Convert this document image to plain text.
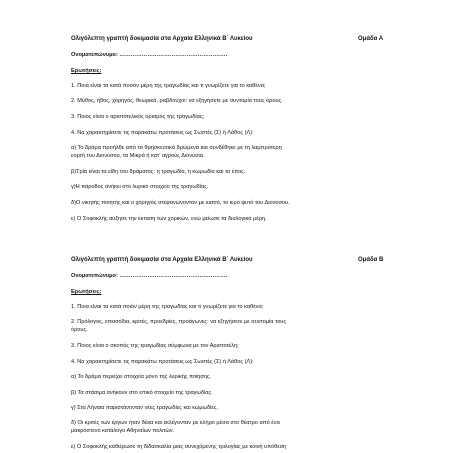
Ολιγόλεπτη γραπτή δοκιμασία στα Αρχαία Ελληνικά Β΄ Λυκείου	Ομάδα Α
Ονοματεπώνυμο: ………………………………………………….
Ερωτήσεις:
1. Ποια είναι τα κατά ποσόν μέρη της τραγωδίας και τι γνωρίζετε για το καθένα;
2. Μύθος, ήθος, χορηγός, θεωρικά, ραβδούχοι: να εξηγήσετε με συντομία τους όρους.
3. Ποιος είναι ο αριστοτελικός ορισμός της τραγωδίας;
4. Να χαρακτηρίσετε τις παρακάτω προτάσεις ως Σωστές (Σ) ή Λάθος (Λ):
α) Το δράμα προήλθε από τα θρησκευτικά δρώμενα και συνδέθηκε με τη λαμπρότερη
εορτή του Διονύσου, τα Μικρά ή κατ’ αγρούς Διονύσια.
β)Τρία είναι τα είδη του δράματος: η τραγωδία, η κωμωδία και το έπος.
γ)Η πάροδος ανήκει στο λυρικό στοιχείο της τραγωδίας.
δ)Ο νικητής ποιητής και ο χορηγός στεφανώνονταν με κισσό, το ιερό φυτό του Διονύσου.
ε) Ο Σοφοκλής αύξησε την έκταση των χορικών, ενώ μείωσε τα διαλογικά μέρη.
Ολιγόλεπτη γραπτή δοκιμασία στα Αρχαία Ελληνικά Β΄ Λυκείου	Ομάδα Β
Ονοματεπώνυμο: ………………………………………………….
Ερωτήσεις:
1. Ποια είναι τα κατά ποιόν μέρη της τραγωδίας και τι γνωρίζετε για το καθένα;
2. Πρόλογος, επεισόδια, κριτές, προεδρίες, προάγωνες: να εξηγήσετε με συντομία τους
όρους.
3. Ποιος είναι ο σκοπός της τραγωδίας σύμφωνα με τον Αριστοτέλη;
4. Να χαρακτηρίσετε τις παρακάτω προτάσεις ως Σωστές (Σ) ή Λάθος (Λ):
α) Το δράμα περιέχει στοιχεία μόνο της λυρικής ποίησης.
β) Τα στάσιμα ανήκουν στο επικό στοιχείο της τραγωδίας.
γ) Στα Λήναια παριστάνονταν νέες τραγωδίες και κωμωδίες.
δ) Οι κριτές των έργων ήταν δέκα και εκλέγονταν με κλήρο μέσα στο θέατρο από ένα
μακρόστενο κατάλογο Αθηναίων πολιτών.
ε) Ο Σοφοκλής καθιέρωσε τη διδασκαλία μιας συνεχόμενης τριλογίας με κοινή υπόθεση
